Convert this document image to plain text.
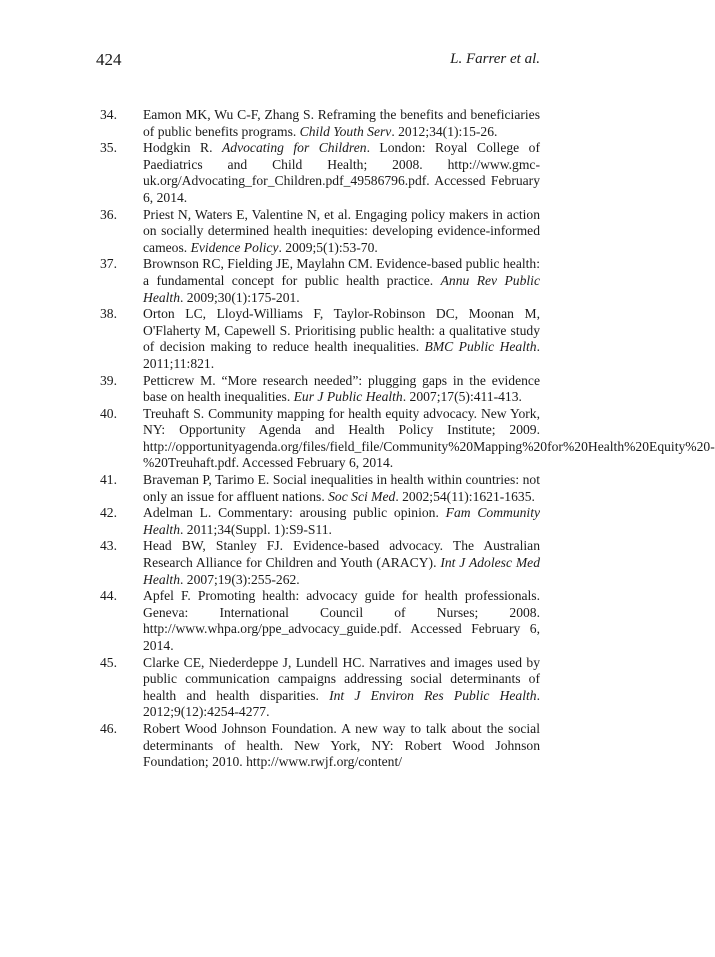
424	L. Farrer et al.
34. Eamon MK, Wu C-F, Zhang S. Reframing the benefits and beneficiaries of public benefits programs. Child Youth Serv. 2012;34(1):15-26.
35. Hodgkin R. Advocating for Children. London: Royal College of Paediatrics and Child Health; 2008. http://www.gmc-uk.org/Advocating_for_Children.pdf_49586796.pdf. Accessed February 6, 2014.
36. Priest N, Waters E, Valentine N, et al. Engaging policy makers in action on socially determined health inequities: developing evidence-informed cameos. Evidence Policy. 2009;5(1):53-70.
37. Brownson RC, Fielding JE, Maylahn CM. Evidence-based public health: a fundamental concept for public health practice. Annu Rev Public Health. 2009;30(1):175-201.
38. Orton LC, Lloyd-Williams F, Taylor-Robinson DC, Moonan M, O'Flaherty M, Capewell S. Prioritising public health: a qualitative study of decision making to reduce health inequalities. BMC Public Health. 2011;11:821.
39. Petticrew M. “More research needed”: plugging gaps in the evidence base on health inequalities. Eur J Public Health. 2007;17(5):411-413.
40. Treuhaft S. Community mapping for health equity advocacy. New York, NY: Opportunity Agenda and Health Policy Institute; 2009. http://opportunityagenda.org/files/field_file/Community%20Mapping%20for%20Health%20Equity%20-%20Treuhaft.pdf. Accessed February 6, 2014.
41. Braveman P, Tarimo E. Social inequalities in health within countries: not only an issue for affluent nations. Soc Sci Med. 2002;54(11):1621-1635.
42. Adelman L. Commentary: arousing public opinion. Fam Community Health. 2011;34(Suppl. 1):S9-S11.
43. Head BW, Stanley FJ. Evidence-based advocacy. The Australian Research Alliance for Children and Youth (ARACY). Int J Adolesc Med Health. 2007;19(3):255-262.
44. Apfel F. Promoting health: advocacy guide for health professionals. Geneva: International Council of Nurses; 2008. http://www.whpa.org/ppe_advocacy_guide.pdf. Accessed February 6, 2014.
45. Clarke CE, Niederdeppe J, Lundell HC. Narratives and images used by public communication campaigns addressing social determinants of health and health disparities. Int J Environ Res Public Health. 2012;9(12):4254-4277.
46. Robert Wood Johnson Foundation. A new way to talk about the social determinants of health. New York, NY: Robert Wood Johnson Foundation; 2010. http://www.rwjf.org/content/
